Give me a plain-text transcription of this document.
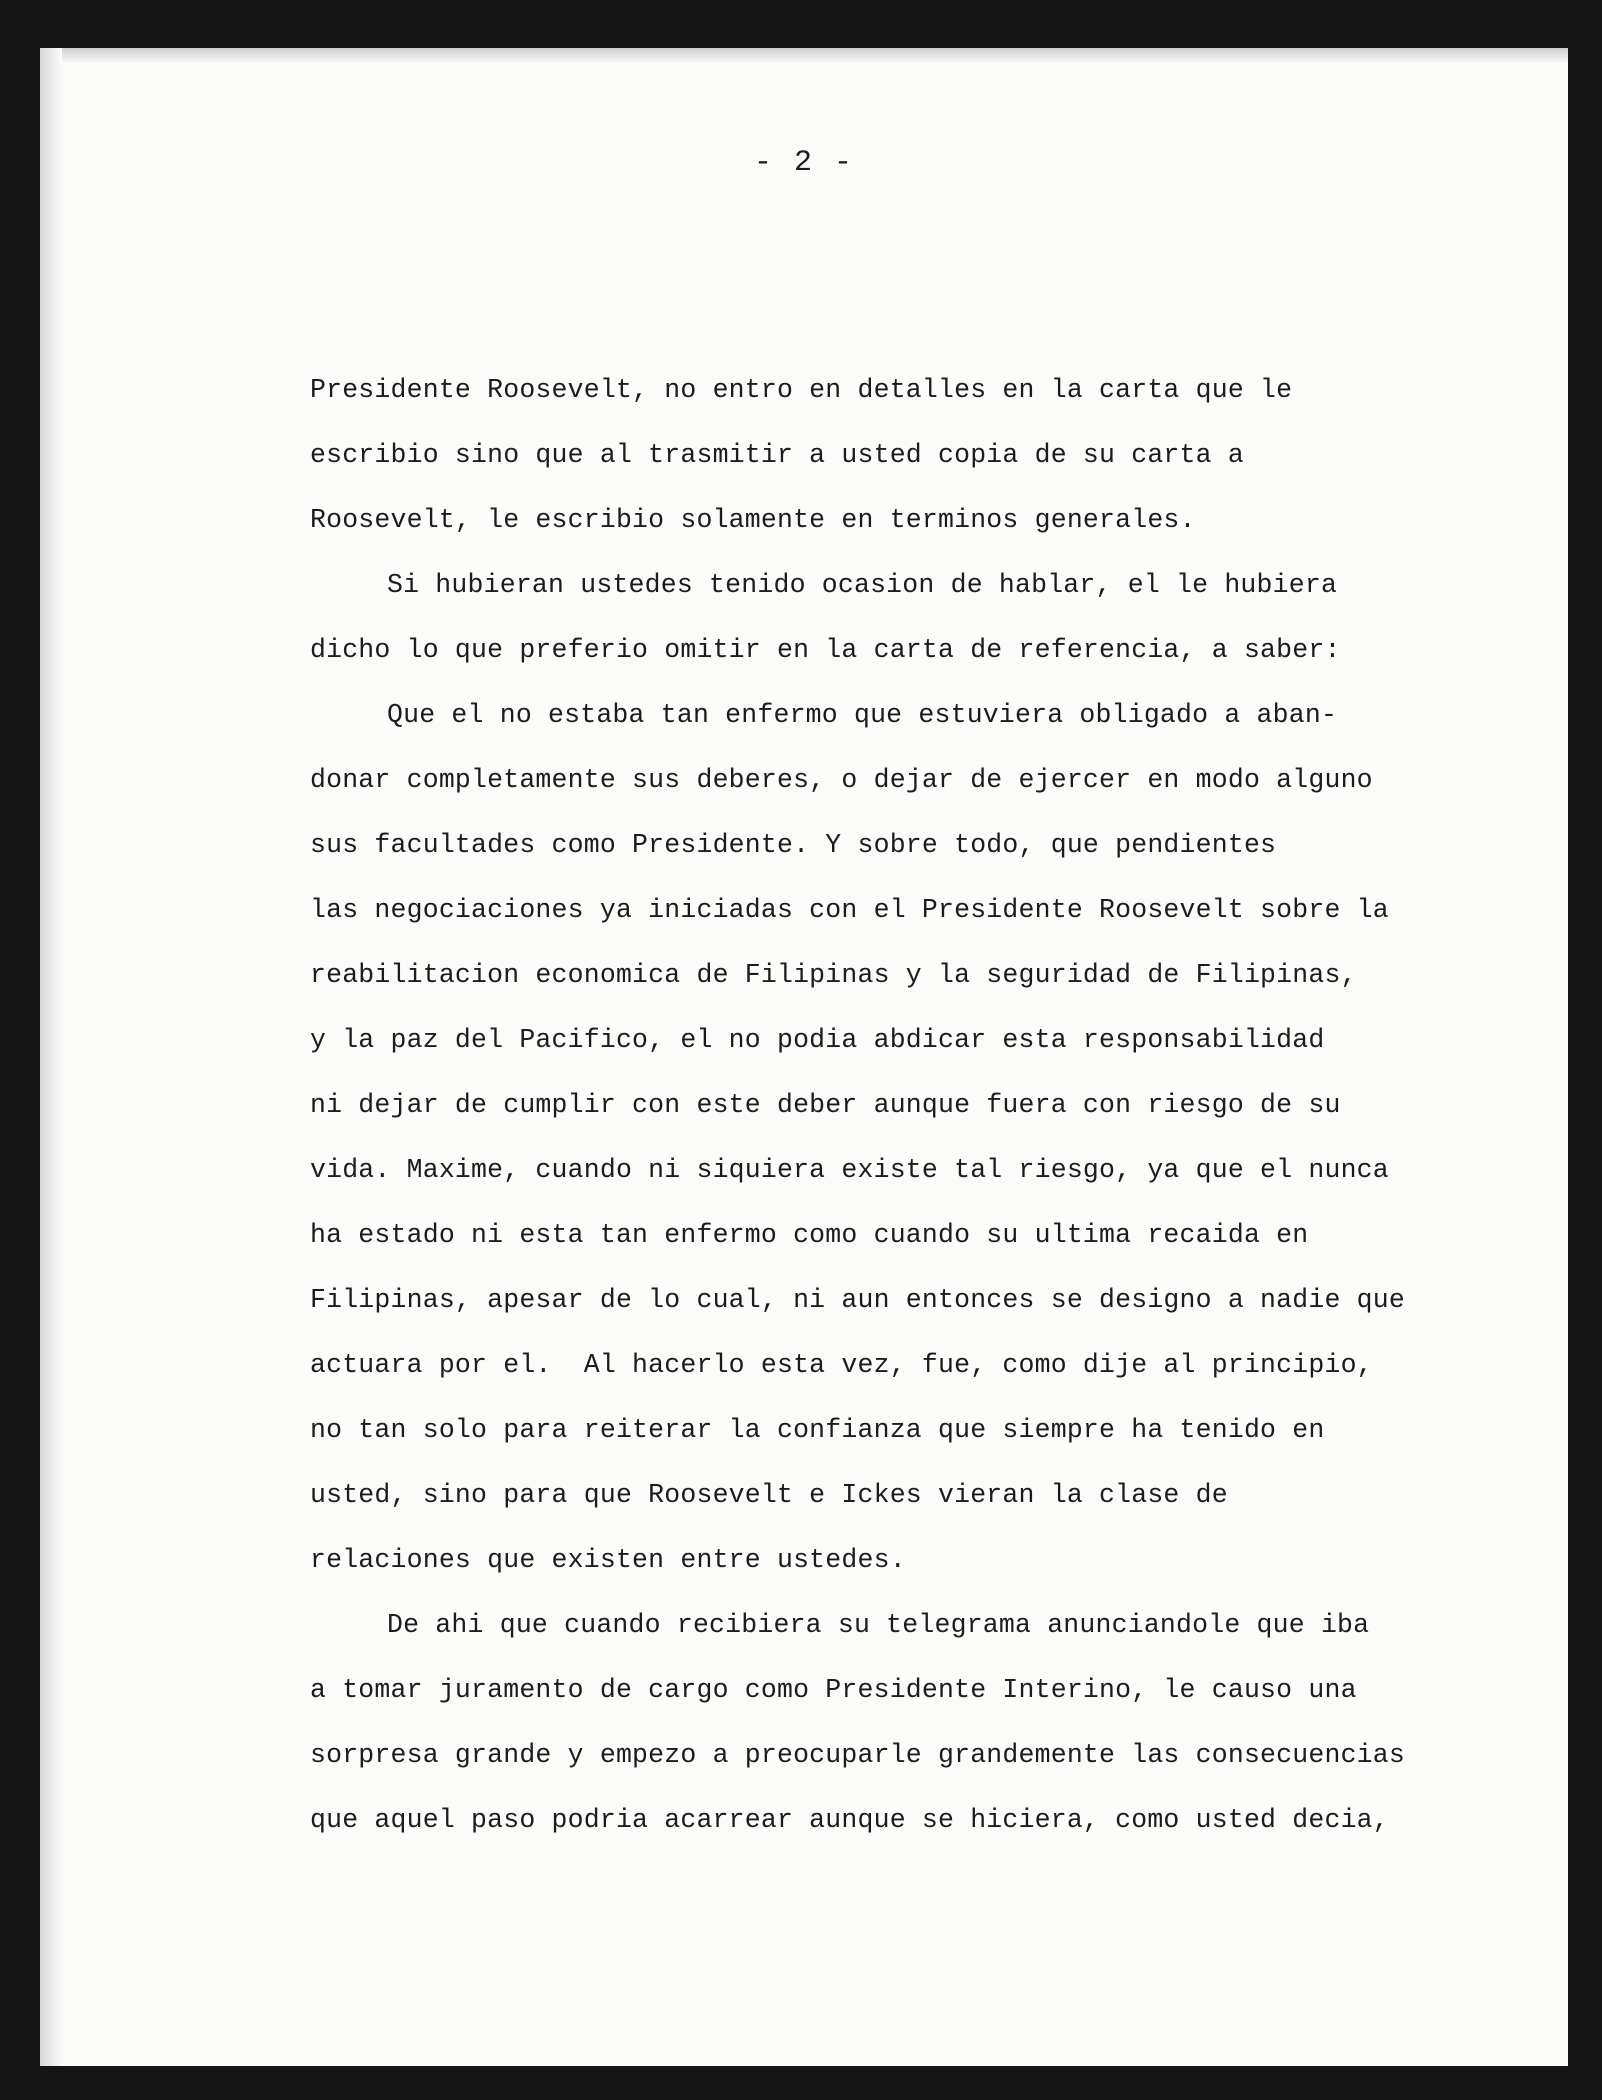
- 2 -
Presidente Roosevelt, no entro en detalles en la carta que le
escribio sino que al trasmitir a usted copia de su carta a
Roosevelt, le escribio solamente en terminos generales.
Si hubieran ustedes tenido ocasion de hablar, el le hubiera
dicho lo que preferio omitir en la carta de referencia, a saber:
Que el no estaba tan enfermo que estuviera obligado a aban-
donar completamente sus deberes, o dejar de ejercer en modo alguno
sus facultades como Presidente. Y sobre todo, que pendientes
las negociaciones ya iniciadas con el Presidente Roosevelt sobre la
reabilitacion economica de Filipinas y la seguridad de Filipinas,
y la paz del Pacifico, el no podia abdicar esta responsabilidad
ni dejar de cumplir con este deber aunque fuera con riesgo de su
vida. Maxime, cuando ni siquiera existe tal riesgo, ya que el nunca
ha estado ni esta tan enfermo como cuando su ultima recaida en
Filipinas, apesar de lo cual, ni aun entonces se designo a nadie que
actuara por el.  Al hacerlo esta vez, fue, como dije al principio,
no tan solo para reiterar la confianza que siempre ha tenido en
usted, sino para que Roosevelt e Ickes vieran la clase de
relaciones que existen entre ustedes.
De ahi que cuando recibiera su telegrama anunciandole que iba
a tomar juramento de cargo como Presidente Interino, le causo una
sorpresa grande y empezo a preocuparle grandemente las consecuencias
que aquel paso podria acarrear aunque se hiciera, como usted decia,
